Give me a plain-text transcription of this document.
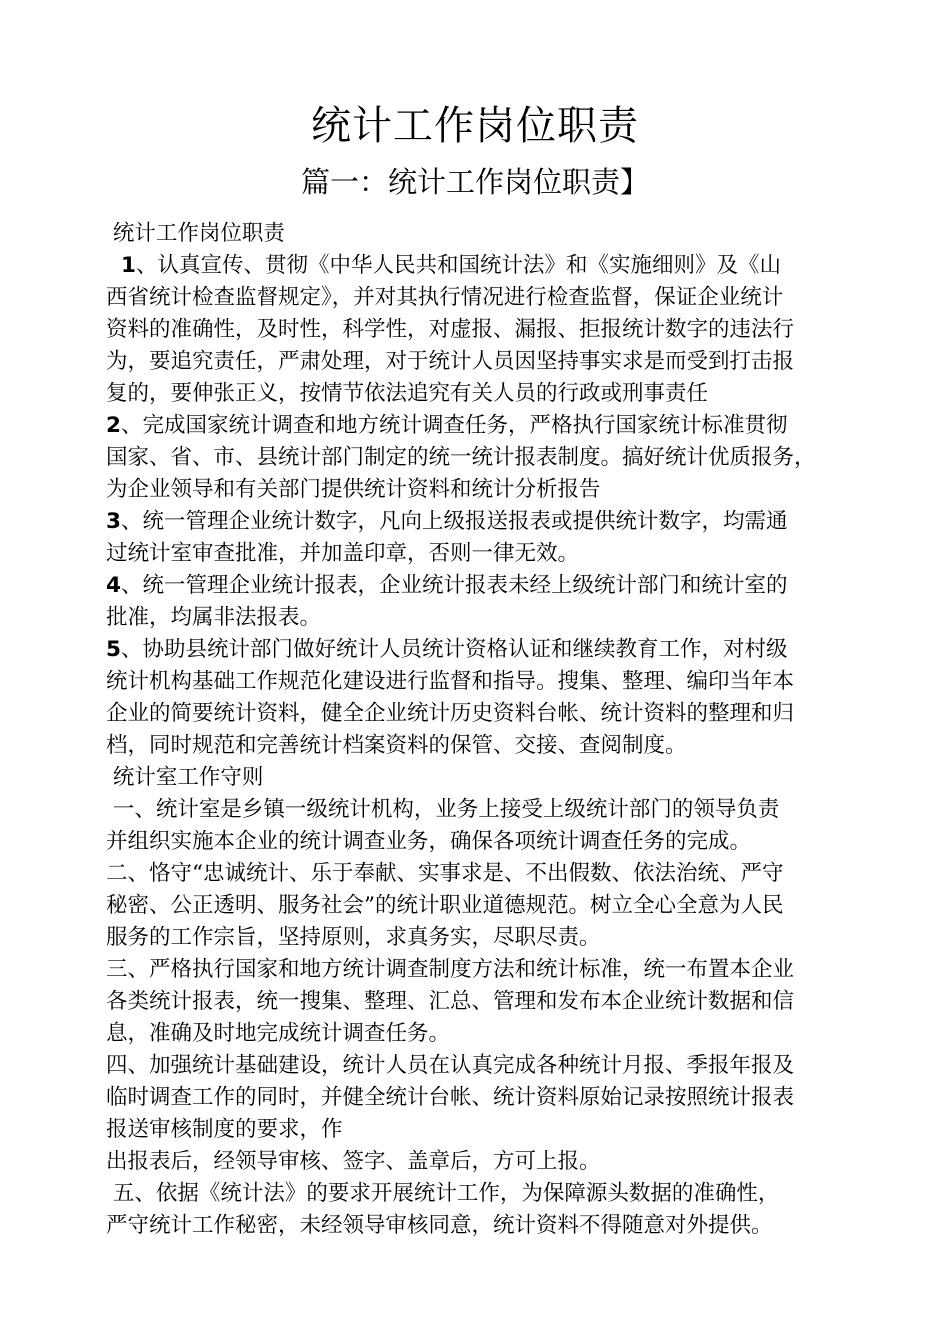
统计工作岗位职责
篇一：统计工作岗位职责】
统计工作岗位职责
1、认真宣传、贯彻《中华人民共和国统计法》和《实施细则》及《山
西省统计检查监督规定》，并对其执行情况进行检查监督，保证企业统计
资料的准确性，及时性，科学性，对虚报、漏报、拒报统计数字的违法行
为，要追究责任，严肃处理，对于统计人员因坚持事实求是而受到打击报
复的，要伸张正义，按情节依法追究有关人员的行政或刑事责任
2、完成国家统计调查和地方统计调查任务，严格执行国家统计标准贯彻
国家、省、市、县统计部门制定的统一统计报表制度。搞好统计优质报务，
为企业领导和有关部门提供统计资料和统计分析报告
3、统一管理企业统计数字，凡向上级报送报表或提供统计数字，均需通
过统计室审查批准，并加盖印章，否则一律无效。
4、统一管理企业统计报表，企业统计报表未经上级统计部门和统计室的
批准，均属非法报表。
5、协助县统计部门做好统计人员统计资格认证和继续教育工作，对村级
统计机构基础工作规范化建设进行监督和指导。搜集、整理、编印当年本
企业的简要统计资料，健全企业统计历史资料台帐、统计资料的整理和归
档，同时规范和完善统计档案资料的保管、交接、查阅制度。
统计室工作守则
一、统计室是乡镇一级统计机构，业务上接受上级统计部门的领导负责
并组织实施本企业的统计调查业务，确保各项统计调查任务的完成。
二、恪守“忠诚统计、乐于奉献、实事求是、不出假数、依法治统、严守
秘密、公正透明、服务社会”的统计职业道德规范。树立全心全意为人民
服务的工作宗旨，坚持原则，求真务实，尽职尽责。
三、严格执行国家和地方统计调查制度方法和统计标准，统一布置本企业
各类统计报表，统一搜集、整理、汇总、管理和发布本企业统计数据和信
息，准确及时地完成统计调查任务。
四、加强统计基础建设，统计人员在认真完成各种统计月报、季报年报及
临时调查工作的同时，并健全统计台帐、统计资料原始记录按照统计报表
报送审核制度的要求，作
出报表后，经领导审核、签字、盖章后，方可上报。
五、依据《统计法》的要求开展统计工作，为保障源头数据的准确性，
严守统计工作秘密，未经领导审核同意，统计资料不得随意对外提供。
